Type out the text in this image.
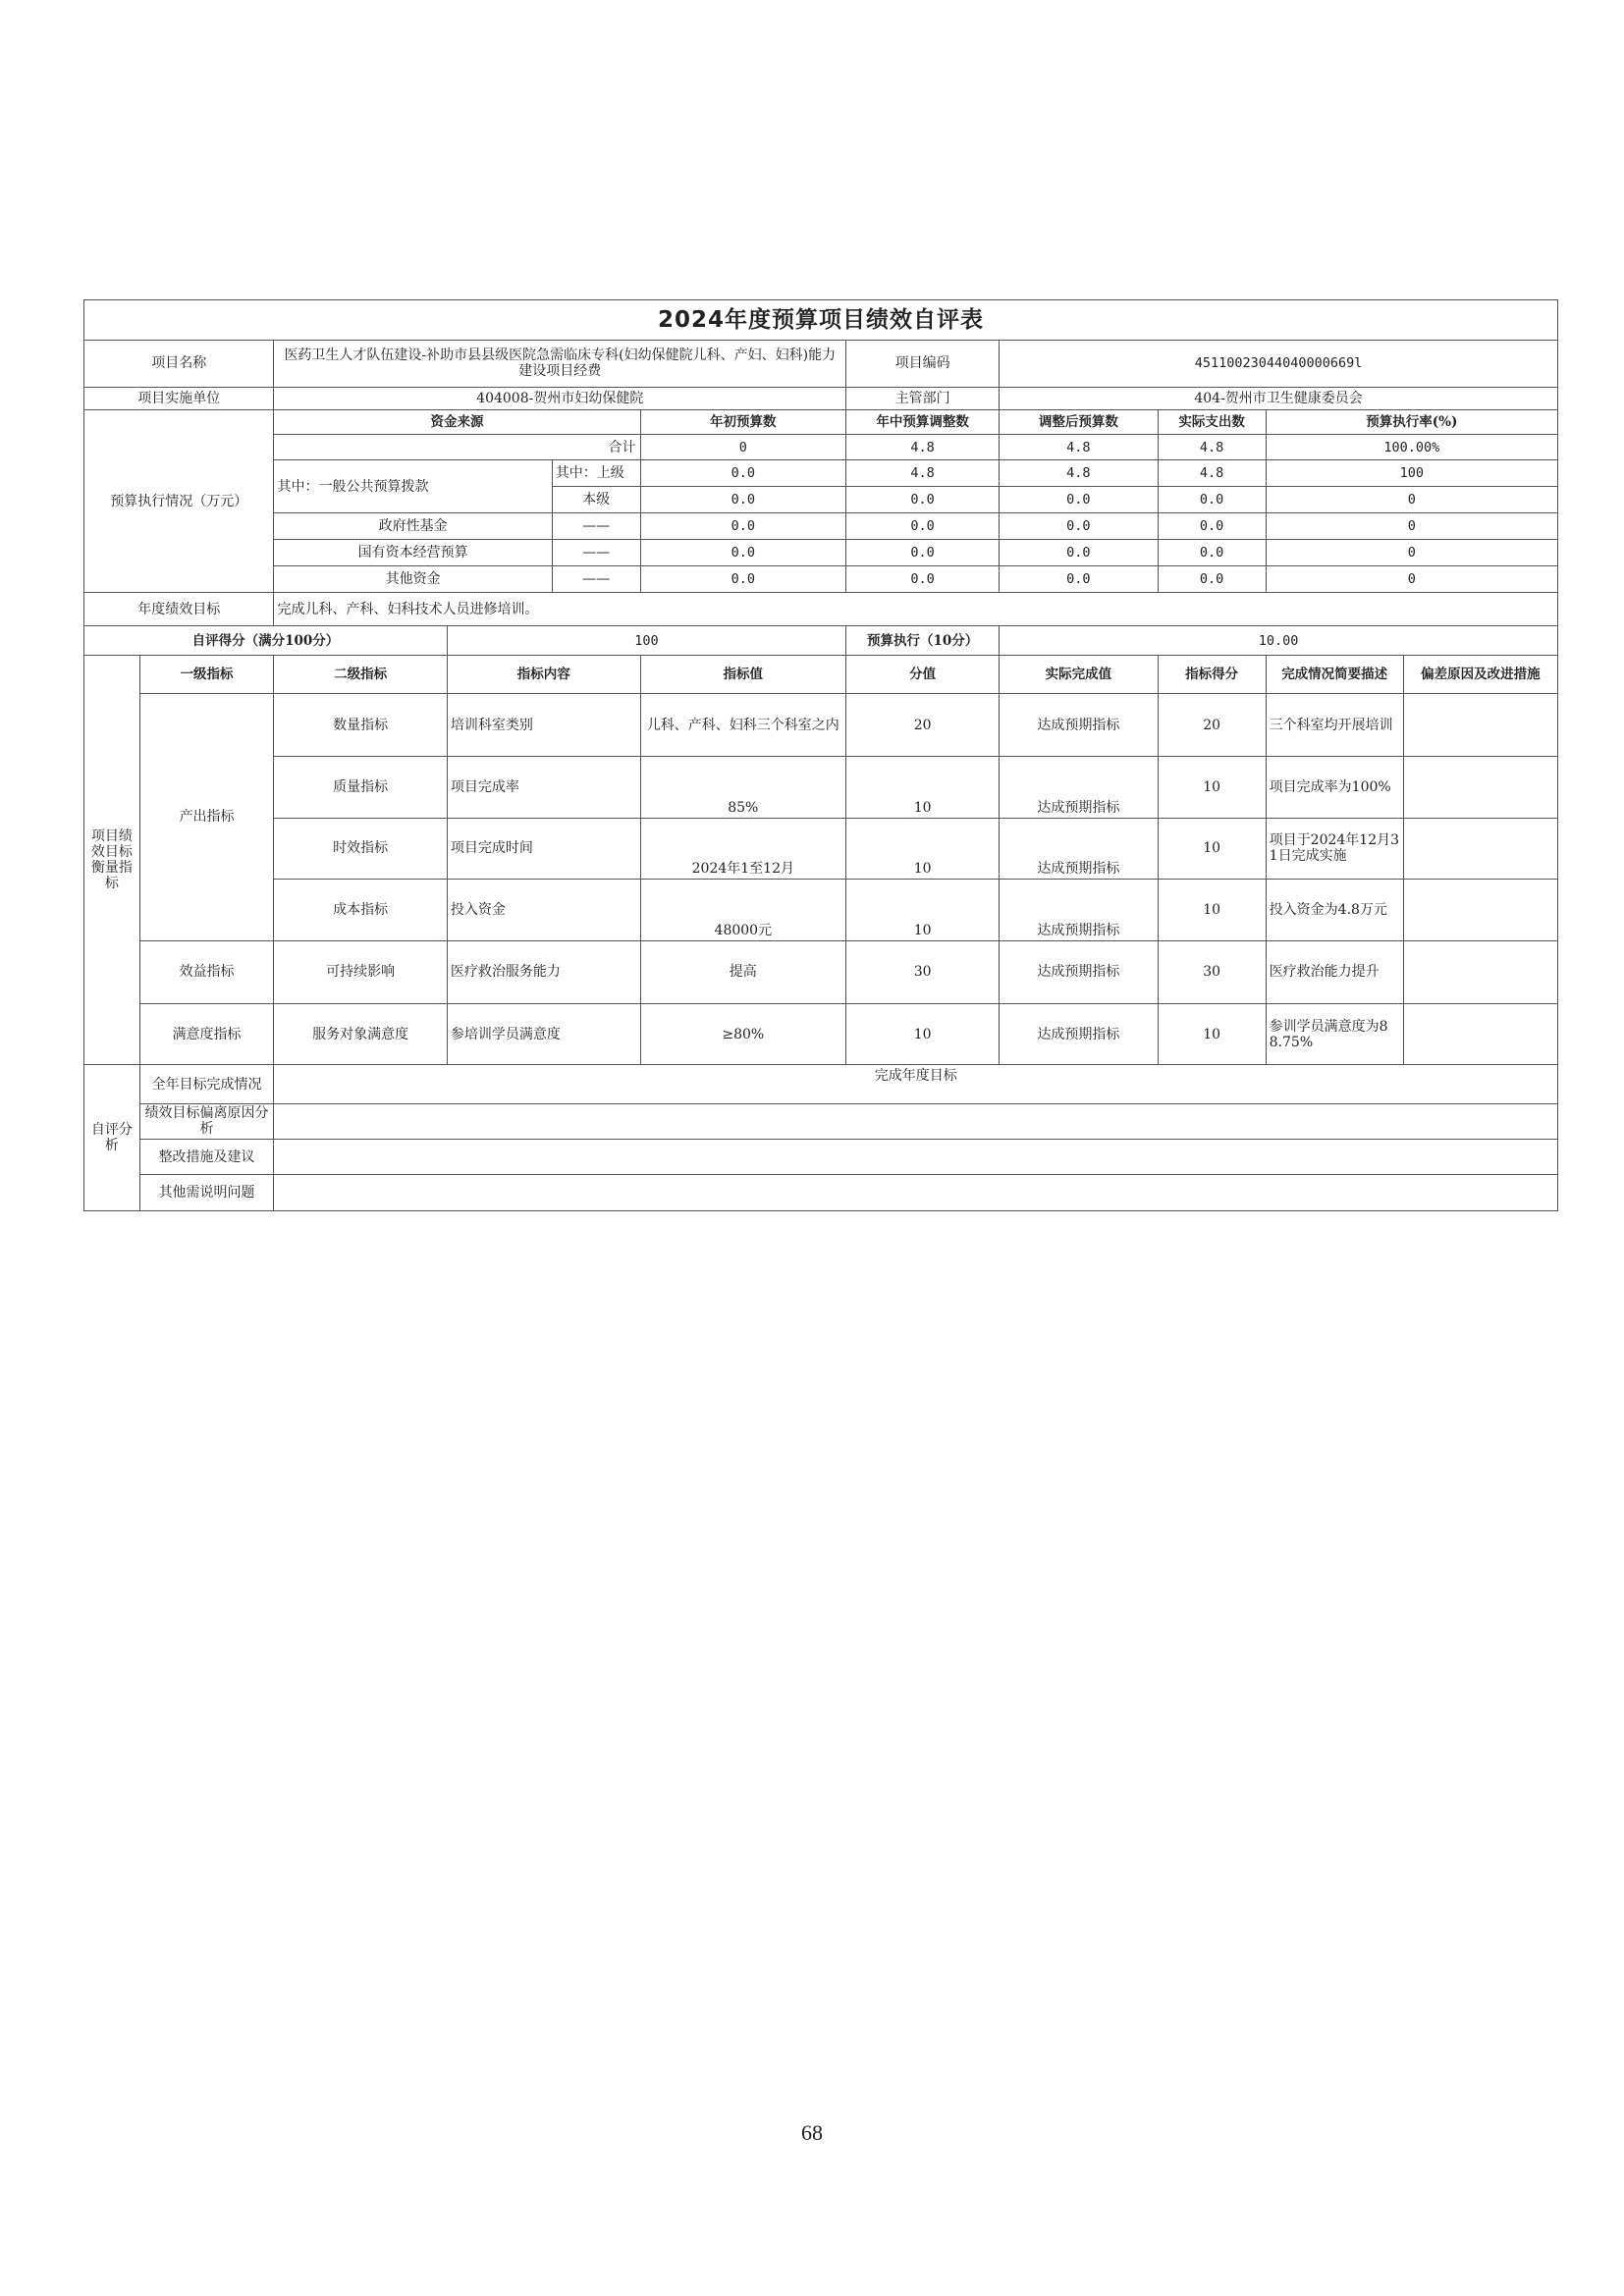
2024年度预算项目绩效自评表										
项目名称		医药卫生人才队伍建设-补助市县县级医院急需临床专科(妇幼保健院儿科、产妇、妇科)能力建设项目经费				项目编码	45110023044040000669l			
项目实施单位		404008-贺州市妇幼保健院				主管部门	404-贺州市卫生健康委员会			
预算执行情况（万元）		资金来源			年初预算数	年中预算调整数	调整后预算数	实际支出数	预算执行率(%)	
		合计			0	4.8	4.8	4.8	100.00%	
		其中：一般公共预算拨款		其中：上级	0.0	4.8	4.8	4.8	100	
				本级	0.0	0.0	0.0	0.0	0	
		政府性基金		——	0.0	0.0	0.0	0.0	0	
		国有资本经营预算		——	0.0	0.0	0.0	0.0	0	
		其他资金		——	0.0	0.0	0.0	0.0	0	
年度绩效目标		完成儿科、产科、妇科技术人员进修培训。								
自评得分（满分100分）			100			预算执行（10分）	10.00			
项目绩效目标衡量指标	一级指标	二级指标	指标内容		指标值	分值	实际完成值	指标得分	完成情况简要描述	偏差原因及改进措施
	产出指标	数量指标	培训科室类别		儿科、产科、妇科三个科室之内	20	达成预期指标	20	三个科室均开展培训	
		质量指标	项目完成率		85%	10	达成预期指标	10	项目完成率为100%	
		时效指标	项目完成时间		2024年1至12月	10	达成预期指标	10	项目于2024年12月31日完成实施	
		成本指标	投入资金		48000元	10	达成预期指标	10	投入资金为4.8万元	
	效益指标	可持续影响	医疗救治服务能力		提高	30	达成预期指标	30	医疗救治能力提升	
	满意度指标	服务对象满意度	参培训学员满意度		≥80%	10	达成预期指标	10	参训学员满意度为88.75%	
自评分析	全年目标完成情况	完成年度目标								
	绩效目标偏离原因分析									
	整改措施及建议									
	其他需说明问题									
68
